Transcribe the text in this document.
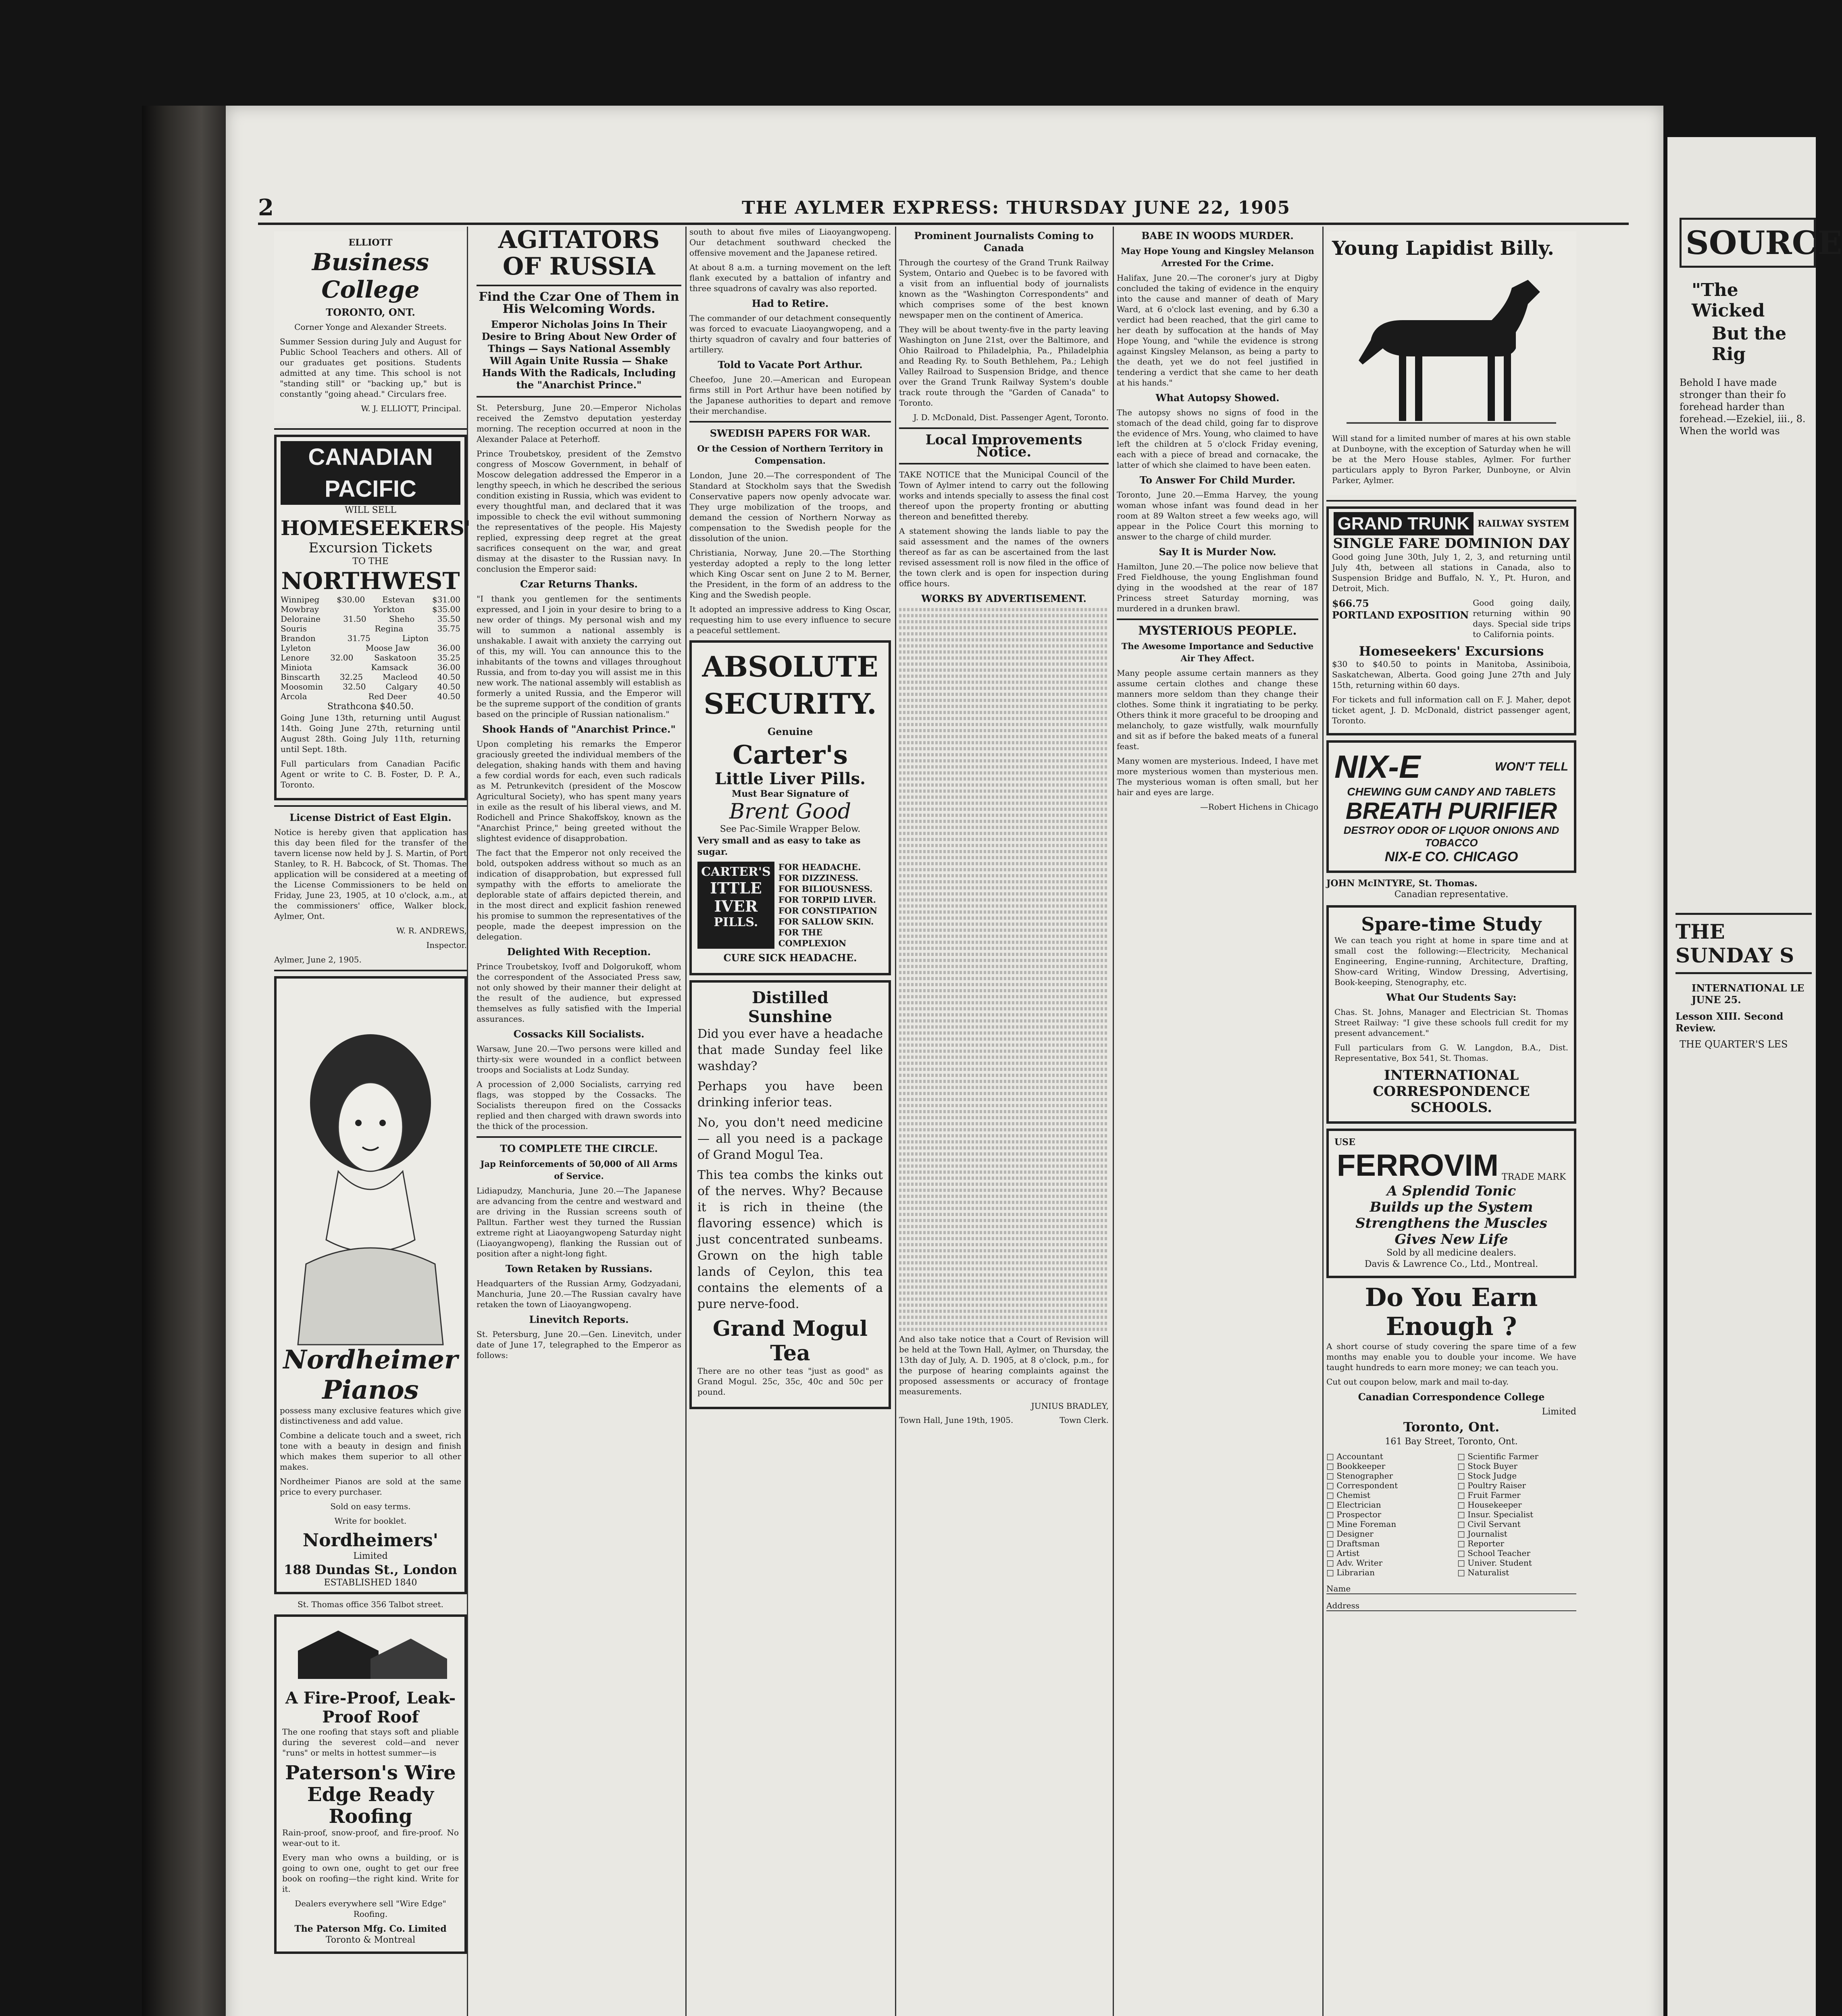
2	THE AYLMER EXPRESS: THURSDAY JUNE 22, 1905
ELLIOTT
Business College
TORONTO, ONT.

Corner Yonge and Alexander Streets.

Summer Session during July and August for Public School Teachers and others. All of our graduates get positions. Students admitted at any time. This school is not "standing still" or "backing up," but is constantly "going ahead." Circulars free.

W. J. ELLIOTT, Principal.

CANADIAN
PACIFIC
WILL SELL
HOMESEEKERS'
Excursion Tickets
TO THE
NORTHWEST
Winnipeg $30.00 Estevan $31.00
Mowbray	Yorkton	$35.00
Deloraine	31.50	Sheho	35.50
Souris	Regina	35.75
Brandon	31.75	Lipton
Lyleton	Moose Jaw	36.00
Lenore	32.00	Saskatoon	35.25
Miniota	Kamsack	36.00
Binscarth 32.25 Macleod 40.50
Moosomin 32.50 Calgary 40.50
Arcola	Red Deer	40.50
Strathcona $40.50.

Going June 13th, returning until August 14th. Going June 27th, returning until August 28th. Going July 11th, returning until Sept. 18th.

Full particulars from Canadian Pacific Agent or write to C. B. Foster, D. P. A., Toronto.

License District of East Elgin.

Notice is hereby given that application has this day been filed for the transfer of the tavern license now held by J. S. Martin, of Port Stanley, to R. H. Babcock, of St. Thomas. The application will be considered at a meeting of the License Commissioners to be held on Friday, June 23, 1905, at 10 o'clock, a.m., at the commissioners' office, Walker block, Aylmer, Ont.

W. R. ANDREWS,

Inspector.

Aylmer, June 2, 1905.

Nordheimer
Pianos

possess many exclusive features which give distinctiveness and add value.

Combine a delicate touch and a sweet, rich tone with a beauty in design and finish which makes them superior to all other makes.

Nordheimer Pianos are sold at the same price to every purchaser.

Sold on easy terms.

Write for booklet.

Nordheimers'
Limited
188 Dundas St., London
ESTABLISHED 1840

St. Thomas office 356 Talbot street.

A Fire-Proof, Leak-Proof Roof

The one roofing that stays soft and pliable during the severest cold—and never "runs" or melts in hottest summer—is

Paterson's Wire Edge Ready Roofing

Rain-proof, snow-proof, and fire-proof. No wear-out to it.

Every man who owns a building, or is going to own one, ought to get our free book on roofing—the right kind. Write for it.

Dealers everywhere sell "Wire Edge" Roofing.

The Paterson Mfg. Co. Limited
Toronto & Montreal
AGITATORS OF RUSSIA
Find the Czar One of Them in His Welcoming Words.
Emperor Nicholas Joins In Their Desire to Bring About New Order of Things — Says National Assembly Will Again Unite Russia — Shake Hands With the Radicals, Including the "Anarchist Prince."

St. Petersburg, June 20.—Emperor Nicholas received the Zemstvo deputation yesterday morning. The reception occurred at noon in the Alexander Palace at Peterhoff.

Prince Troubetskoy, president of the Zemstvo congress of Moscow Government, in behalf of Moscow delegation addressed the Emperor in a lengthy speech, in which he described the serious condition existing in Russia, which was evident to every thoughtful man, and declared that it was impossible to check the evil without summoning the representatives of the people. His Majesty replied, expressing deep regret at the great sacrifices consequent on the war, and great dismay at the disaster to the Russian navy. In conclusion the Emperor said:

Czar Returns Thanks.

"I thank you gentlemen for the sentiments expressed, and I join in your desire to bring to a new order of things. My personal wish and my will to summon a national assembly is unshakable. I await with anxiety the carrying out of this, my will. You can announce this to the inhabitants of the towns and villages throughout Russia, and from to-day you will assist me in this new work. The national assembly will establish as formerly a united Russia, and the Emperor will be the supreme support of the condition of grants based on the principle of Russian nationalism."

Shook Hands of "Anarchist Prince."

Upon completing his remarks the Emperor graciously greeted the individual members of the delegation, shaking hands with them and having a few cordial words for each, even such radicals as M. Petrunkevitch (president of the Moscow Agricultural Society), who has spent many years in exile as the result of his liberal views, and M. Rodichell and Prince Shakoffskoy, known as the "Anarchist Prince," being greeted without the slightest evidence of disapprobation.

The fact that the Emperor not only received the bold, outspoken address without so much as an indication of disapprobation, but expressed full sympathy with the efforts to ameliorate the deplorable state of affairs depicted therein, and in the most direct and explicit fashion renewed his promise to summon the representatives of the people, made the deepest impression on the delegation.

Delighted With Reception.

Prince Troubetskoy, Ivoff and Dolgorukoff, whom the correspondent of the Associated Press saw, not only showed by their manner their delight at the result of the audience, but expressed themselves as fully satisfied with the Imperial assurances.

Cossacks Kill Socialists.

Warsaw, June 20.—Two persons were killed and thirty-six were wounded in a conflict between troops and Socialists at Lodz Sunday.

A procession of 2,000 Socialists, carrying red flags, was stopped by the Cossacks. The Socialists thereupon fired on the Cossacks replied and then charged with drawn swords into the thick of the procession.

TO COMPLETE THE CIRCLE.
Jap Reinforcements of 50,000 of All Arms of Service.

Lidiapudzy, Manchuria, June 20.—The Japanese are advancing from the centre and westward and are driving in the Russian screens south of Palltun. Farther west they turned the Russian extreme right at Liaoyangwopeng Saturday night (Liaoyangwopeng), flanking the Russian out of position after a night-long fight.

Town Retaken by Russians.

Headquarters of the Russian Army, Godzyadani, Manchuria, June 20.—The Russian cavalry have retaken the town of Liaoyangwopeng.

Linevitch Reports.

St. Petersburg, June 20.—Gen. Linevitch, under date of June 17, telegraphed to the Emperor as follows:

south to about five miles of Liaoyangwopeng. Our detachment southward checked the offensive movement and the Japanese retired.

At about 8 a.m. a turning movement on the left flank executed by a battalion of infantry and three squadrons of cavalry was also reported.

Had to Retire.

The commander of our detachment consequently was forced to evacuate Liaoyangwopeng, and a thirty squadron of cavalry and four batteries of artillery.

Told to Vacate Port Arthur.

Cheefoo, June 20.—American and European firms still in Port Arthur have been notified by the Japanese authorities to depart and remove their merchandise.

SWEDISH PAPERS FOR WAR.
Or the Cession of Northern Territory in Compensation.

London, June 20.—The correspondent of The Standard at Stockholm says that the Swedish Conservative papers now openly advocate war. They urge mobilization of the troops, and demand the cession of Northern Norway as compensation to the Swedish people for the dissolution of the union.

Christiania, Norway, June 20.—The Storthing yesterday adopted a reply to the long letter which King Oscar sent on June 2 to M. Berner, the President, in the form of an address to the King and the Swedish people.

It adopted an impressive address to King Oscar, requesting him to use every influence to secure a peaceful settlement.

ABSOLUTE
SECURITY.
Genuine
Carter's
Little Liver Pills.
Must Bear Signature of
Brent Good
See Pac-Simile Wrapper Below.
Very small and as easy to take as sugar.
CARTER'S
ITTLE
IVER
PILLS.
FOR HEADACHE.
FOR DIZZINESS.
FOR BILIOUSNESS.
FOR TORPID LIVER.
FOR CONSTIPATION
FOR SALLOW SKIN.
FOR THE COMPLEXION
CURE SICK HEADACHE.
Distilled
Sunshine

Did you ever have a headache that made Sunday feel like washday?

Perhaps you have been drinking inferior teas.

No, you don't need medicine — all you need is a package of Grand Mogul Tea.

This tea combs the kinks out of the nerves. Why? Because it is rich in theine (the flavoring essence) which is just concentrated sunbeams. Grown on the high table lands of Ceylon, this tea contains the elements of a pure nerve-food.

Grand Mogul Tea

There are no other teas "just as good" as Grand Mogul. 25c, 35c, 40c and 50c per pound.

Prominent Journalists Coming to Canada

Through the courtesy of the Grand Trunk Railway System, Ontario and Quebec is to be favored with a visit from an influential body of journalists known as the "Washington Correspondents" and which comprises some of the best known newspaper men on the continent of America.

They will be about twenty-five in the party leaving Washington on June 21st, over the Baltimore, and Ohio Railroad to Philadelphia, Pa., Philadelphia and Reading Ry. to South Bethlehem, Pa.; Lehigh Valley Railroad to Suspension Bridge, and thence over the Grand Trunk Railway System's double track route through the "Garden of Canada" to Toronto.

J. D. McDonald, Dist. Passenger Agent, Toronto.

Local Improvements Notice.

TAKE NOTICE that the Municipal Council of the Town of Aylmer intend to carry out the following works and intends specially to assess the final cost thereof upon the property fronting or abutting thereon and benefitted thereby.

A statement showing the lands liable to pay the said assessment and the names of the owners thereof as far as can be ascertained from the last revised assessment roll is now filed in the office of the town clerk and is open for inspection during office hours.

WORKS BY ADVERTISEMENT.

And also take notice that a Court of Revision will be held at the Town Hall, Aylmer, on Thursday, the 13th day of July, A. D. 1905, at 8 o'clock, p.m., for the purpose of hearing complaints against the proposed assessments or accuracy of frontage measurements.

JUNIUS BRADLEY,

Town Hall, June 19th, 1905.	Town Clerk.
BABE IN WOODS MURDER.
May Hope Young and Kingsley Melanson Arrested For the Crime.

Halifax, June 20.—The coroner's jury at Digby concluded the taking of evidence in the enquiry into the cause and manner of death of Mary Ward, at 6 o'clock last evening, and by 6.30 a verdict had been reached, that the girl came to her death by suffocation at the hands of May Hope Young, and "while the evidence is strong against Kingsley Melanson, as being a party to the death, yet we do not feel justified in tendering a verdict that she came to her death at his hands."

What Autopsy Showed.

The autopsy shows no signs of food in the stomach of the dead child, going far to disprove the evidence of Mrs. Young, who claimed to have left the children at 5 o'clock Friday evening, each with a piece of bread and cornacake, the latter of which she claimed to have been eaten.

To Answer For Child Murder.

Toronto, June 20.—Emma Harvey, the young woman whose infant was found dead in her room at 89 Walton street a few weeks ago, will appear in the Police Court this morning to answer to the charge of child murder.

Say It is Murder Now.

Hamilton, June 20.—The police now believe that Fred Fieldhouse, the young Englishman found dying in the woodshed at the rear of 187 Princess street Saturday morning, was murdered in a drunken brawl.

MYSTERIOUS PEOPLE.
The Awesome Importance and Seductive Air They Affect.

Many people assume certain manners as they assume certain clothes and change these manners more seldom than they change their clothes. Some think it ingratiating to be perky. Others think it more graceful to be drooping and melancholy, to gaze wistfully, walk mournfully and sit as if before the baked meats of a funeral feast.

Many women are mysterious. Indeed, I have met more mysterious women than mysterious men. The mysterious woman is often small, but her hair and eyes are large.

—Robert Hichens in Chicago

Young Lapidist Billy.

Will stand for a limited number of mares at his own stable at Dunboyne, with the exception of Saturday when he will be at the Mero House stables, Aylmer. For further particulars apply to Byron Parker, Dunboyne, or Alvin Parker, Aylmer.

GRAND TRUNK RAILWAY SYSTEM
SINGLE FARE DOMINION DAY

Good going June 30th, July 1, 2, 3, and returning until July 4th, between all stations in Canada, also to Suspension Bridge and Buffalo, N. Y., Pt. Huron, and Detroit, Mich.

$66.75
PORTLAND EXPOSITION

Good going daily, returning within 90 days. Special side trips to California points.

Homeseekers' Excursions

$30 to $40.50 to points in Manitoba, Assiniboia, Saskatchewan, Alberta. Good going June 27th and July 15th, returning within 60 days.

For tickets and full information call on F. J. Maher, depot ticket agent, J. D. McDonald, district passenger agent, Toronto.

NIX-E	WON'T TELL
CHEWING GUM CANDY AND TABLETS
BREATH PURIFIER
DESTROY ODOR OF LIQUOR ONIONS AND TOBACCO
NIX-E CO. CHICAGO
JOHN McINTYRE, St. Thomas.
Canadian representative.
Spare-time Study

We can teach you right at home in spare time and at small cost the following:—Electricity, Mechanical Engineering, Engine-running, Architecture, Drafting, Show-card Writing, Window Dressing, Advertising, Book-keeping, Stenography, etc.

What Our Students Say:

Chas. St. Johns, Manager and Electrician St. Thomas Street Railway: "I give these schools full credit for my present advancement."

Full particulars from G. W. Langdon, B.A., Dist. Representative, Box 541, St. Thomas.

INTERNATIONAL CORRESPONDENCE SCHOOLS.
USE
FERROVIM TRADE MARK
A Splendid Tonic
Builds up the System
Strengthens the Muscles
Gives New Life
Sold by all medicine dealers.
Davis & Lawrence Co., Ltd., Montreal.
Do You Earn Enough ?

A short course of study covering the spare time of a few months may enable you to double your income. We have taught hundreds to earn more money; we can teach you.

Cut out coupon below, mark and mail to-day.

Canadian Correspondence College
Limited
Toronto, Ont.
161 Bay Street, Toronto, Ont.
□ Accountant
□ Bookkeeper
□ Stenographer
□ Correspondent
□ Chemist
□ Electrician
□ Prospector
□ Mine Foreman
□ Designer
□ Draftsman
□ Artist
□ Adv. Writer
□ Librarian
□ Scientific Farmer
□ Stock Buyer
□ Stock Judge
□ Poultry Raiser
□ Fruit Farmer
□ Housekeeper
□ Insur. Specialist
□ Civil Servant
□ Journalist
□ Reporter
□ School Teacher
□ Univer. Student
□ Naturalist
Name
Address
SOURCE
"The Wicked
But the Rig

Behold I have made stronger than their fo forehead harder than forehead.—Ezekiel, iii., 8. When the world was

THE SUNDAY S
INTERNATIONAL LE JUNE 25.
Lesson XIII. Second Review.
THE QUARTER'S LES
